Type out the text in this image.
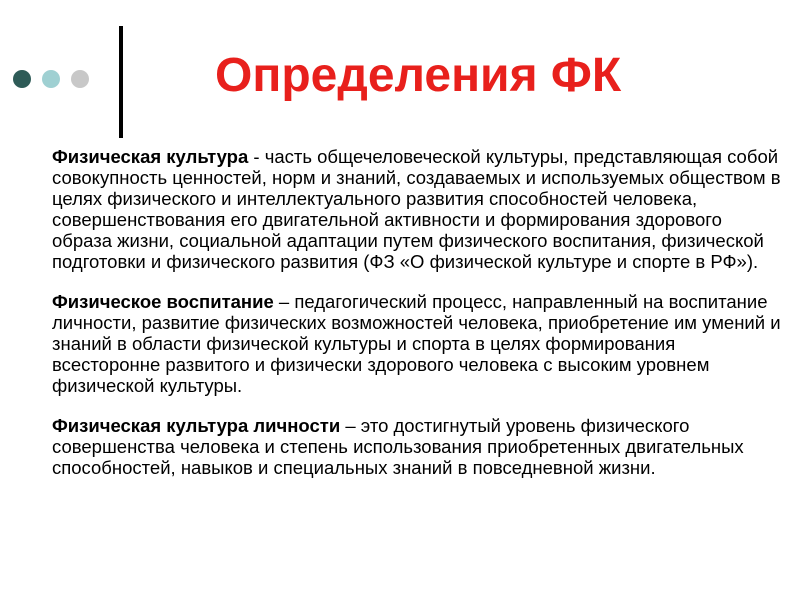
Определения ФК

Физическая культура - часть общечеловеческой культуры, представляющая собой совокупность ценностей, норм и знаний, создаваемых и используемых обществом в целях физического и интеллектуального развития способностей человека, совершенствования его двигательной активности и формирования здорового образа жизни, социальной адаптации путем физического воспитания, физической подготовки и физического развития (ФЗ «О физической культуре и спорте в РФ»).

Физическое воспитание – педагогический процесс, направленный на воспитание личности, развитие физических возможностей человека, приобретение им умений и знаний в области физической культуры и спорта в целях формирования всесторонне развитого и физически здорового человека с высоким уровнем физической культуры.

Физическая культура личности – это достигнутый уровень физического совершенства человека и степень использования приобретенных двигательных способностей, навыков и специальных знаний в повседневной жизни.
